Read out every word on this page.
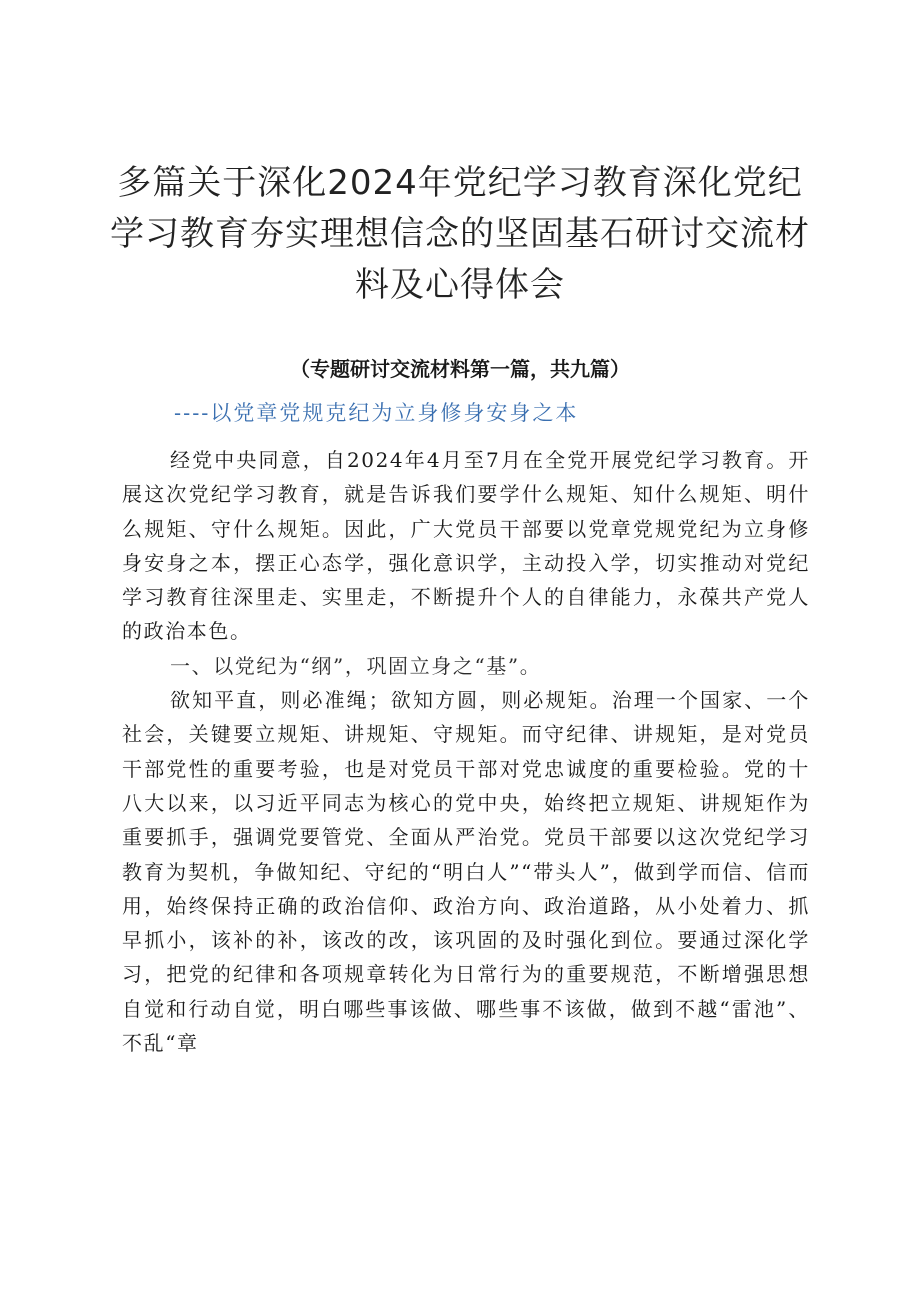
多篇关于深化2024年党纪学习教育深化党纪学习教育夯实理想信念的坚固基石研讨交流材料及心得体会
（专题研讨交流材料第一篇，共九篇）
----以党章党规克纪为立身修身安身之本

经党中央同意，自2024年4月至7月在全党开展党纪学习教育。开展这次党纪学习教育，就是告诉我们要学什么规矩、知什么规矩、明什么规矩、守什么规矩。因此，广大党员干部要以党章党规党纪为立身修身安身之本，摆正心态学，强化意识学，主动投入学，切实推动对党纪学习教育往深里走、实里走，不断提升个人的自律能力，永葆共产党人的政治本色。

一、以党纪为“纲”，巩固立身之“基”。

欲知平直，则必准绳；欲知方圆，则必规矩。治理一个国家、一个社会，关键要立规矩、讲规矩、守规矩。而守纪律、讲规矩，是对党员干部党性的重要考验，也是对党员干部对党忠诚度的重要检验。党的十八大以来，以习近平同志为核心的党中央，始终把立规矩、讲规矩作为重要抓手，强调党要管党、全面从严治党。党员干部要以这次党纪学习教育为契机，争做知纪、守纪的“明白人”“带头人”，做到学而信、信而用，始终保持正确的政治信仰、政治方向、政治道路，从小处着力、抓早抓小，该补的补，该改的改，该巩固的及时强化到位。要通过深化学习，把党的纪律和各项规章转化为日常行为的重要规范，不断增强思想自觉和行动自觉，明白哪些事该做、哪些事不该做，做到不越“雷池”、不乱“章
